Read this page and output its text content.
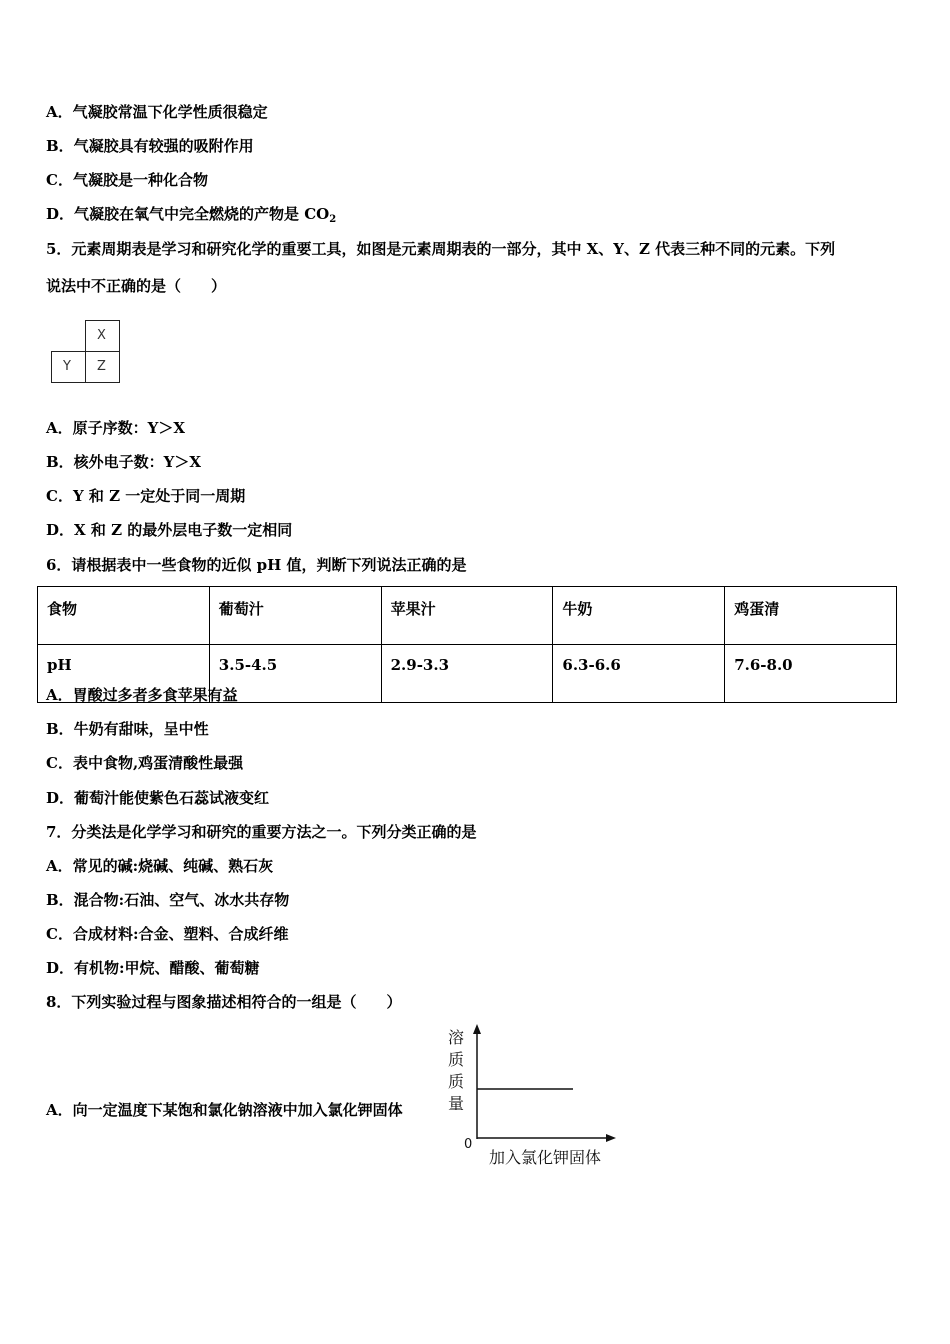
A．气凝胶常温下化学性质很稳定
B．气凝胶具有较强的吸附作用
C．气凝胶是一种化合物
D．气凝胶在氧气中完全燃烧的产物是 $CO_2$
5．元素周期表是学习和研究化学的重要工具，如图是元素周期表的一部分，其中 X、Y、Z 代表三种不同的元素。下列
说法中不正确的是（　　）
X
Y Z
A．原子序数：Y＞X
B．核外电子数：Y＞X
C．Y 和 Z 一定处于同一周期
D．X 和 Z 的最外层电子数一定相同
6．请根据表中一些食物的近似 pH 值，判断下列说法正确的是
食物	葡萄汁	苹果汁	牛奶	鸡蛋清
pH	3.5-4.5	2.9-3.3	6.3-6.6	7.6-8.0
A．胃酸过多者多食苹果有益
B．牛奶有甜味，呈中性
C．表中食物,鸡蛋清酸性最强
D．葡萄汁能使紫色石蕊试液变红
7．分类法是化学学习和研究的重要方法之一。下列分类正确的是
A．常见的碱:烧碱、纯碱、熟石灰
B．混合物:石油、空气、冰水共存物
C．合成材料:合金、塑料、合成纤维
D．有机物:甲烷、醋酸、葡萄糖
8．下列实验过程与图象描述相符合的一组是（　　）
A．向一定温度下某饱和氯化钠溶液中加入氯化钾固体
溶
质
质
量
0
加入氯化钾固体
